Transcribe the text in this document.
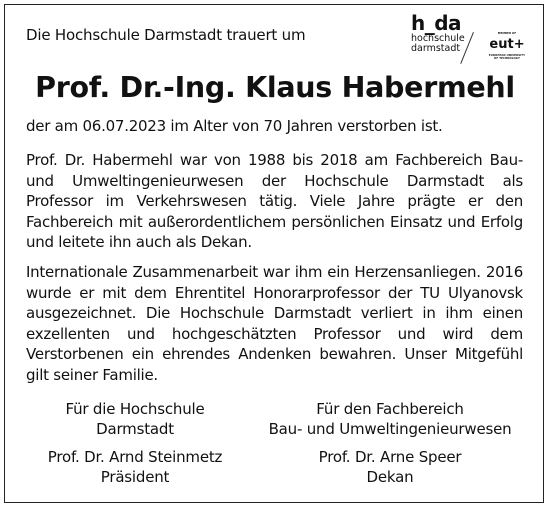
Die Hochschule Darmstadt trauert um	h_da
hochschule
darmstadt
MEMBER OF
eut+
EUROPEAN UNIVERSITY
OF TECHNOLOGY
Prof. Dr.-Ing. Klaus Habermehl
der am 06.07.2023 im Alter von 70 Jahren verstorben ist.
Prof. Dr. Habermehl war von 1988 bis 2018 am Fachbereich Bau- und Umweltingenieurwesen der Hochschule Darmstadt als Professor im Verkehrswesen tätig. Viele Jahre prägte er den Fachbereich mit außerordentlichem persönlichen Einsatz und Erfolg und leitete ihn auch als Dekan.
Internationale Zusammenarbeit war ihm ein Herzensanliegen. 2016 wurde er mit dem Ehrentitel Honorarprofessor der TU Ulyanovsk ausgezeichnet. Die Hochschule Darmstadt verliert in ihm einen exzellenten und hochgeschätzten Professor und wird dem Verstorbenen ein ehrendes Andenken bewahren. Unser Mitgefühl gilt seiner Familie.
Für die Hochschule
Darmstadt
Für den Fachbereich
Bau- und Umweltingenieurwesen
Prof. Dr. Arnd Steinmetz
Präsident
Prof. Dr. Arne Speer
Dekan
